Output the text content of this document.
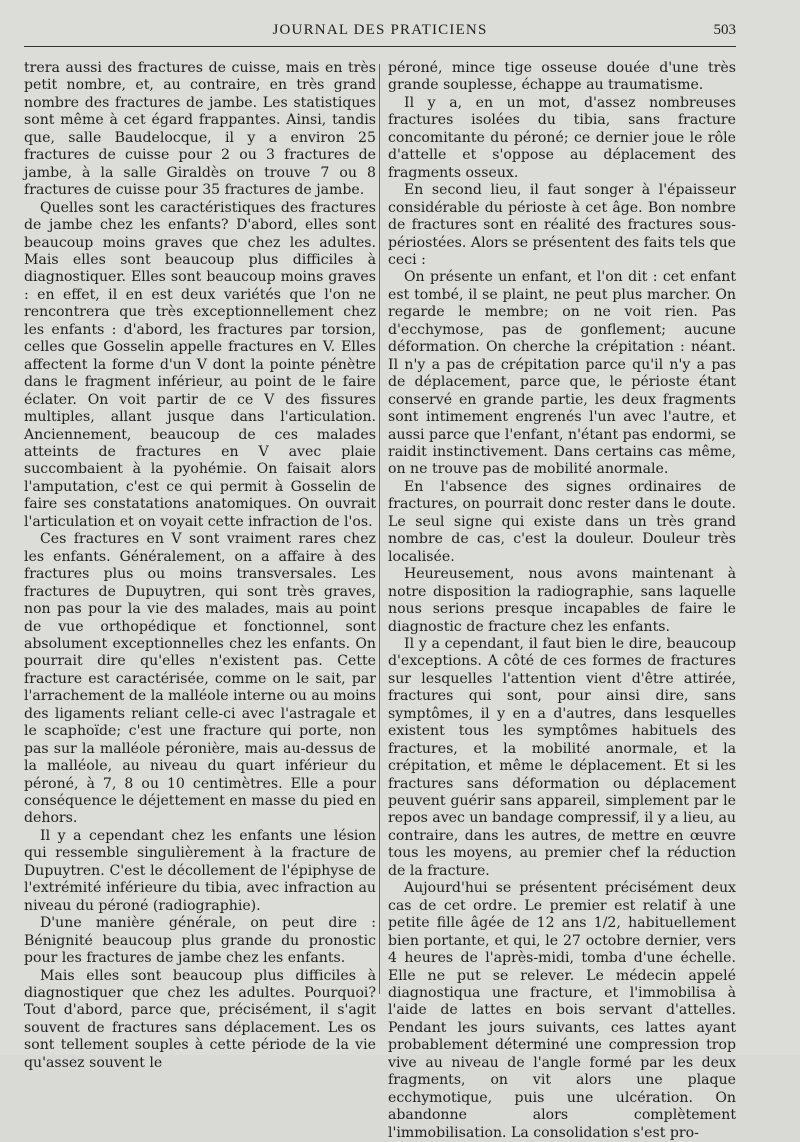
JOURNAL DES PRATICIENS	503

trera aussi des fractures de cuisse, mais en très petit nombre, et, au contraire, en très grand nombre des fractures de jambe. Les statistiques sont même à cet égard frappantes. Ainsi, tandis que, salle Baudelocque, il y a environ 25 fractures de cuisse pour 2 ou 3 fractures de jambe, à la salle Giraldès on trouve 7 ou 8 fractures de cuisse pour 35 fractures de jambe.

Quelles sont les caractéristiques des fractures de jambe chez les enfants? D'abord, elles sont beaucoup moins graves que chez les adultes. Mais elles sont beaucoup plus difficiles à diagnostiquer. Elles sont beaucoup moins graves : en effet, il en est deux variétés que l'on ne rencontrera que très exceptionnellement chez les enfants : d'abord, les fractures par torsion, celles que Gosselin appelle fractures en V. Elles affectent la forme d'un V dont la pointe pénètre dans le fragment inférieur, au point de le faire éclater. On voit partir de ce V des fissures multiples, allant jusque dans l'articulation. Anciennement, beaucoup de ces malades atteints de fractures en V avec plaie succombaient à la pyohémie. On faisait alors l'amputation, c'est ce qui permit à Gosselin de faire ses constatations anatomiques. On ouvrait l'articulation et on voyait cette infraction de l'os.

Ces fractures en V sont vraiment rares chez les enfants. Généralement, on a affaire à des fractures plus ou moins transversales. Les fractures de Dupuytren, qui sont très graves, non pas pour la vie des malades, mais au point de vue orthopédique et fonctionnel, sont absolument exceptionnelles chez les enfants. On pourrait dire qu'elles n'existent pas. Cette fracture est caractérisée, comme on le sait, par l'arrachement de la malléole interne ou au moins des ligaments reliant celle-ci avec l'astragale et le scaphoïde; c'est une fracture qui porte, non pas sur la malléole péronière, mais au-dessus de la malléole, au niveau du quart inférieur du péroné, à 7, 8 ou 10 centimètres. Elle a pour conséquence le déjettement en masse du pied en dehors.

Il y a cependant chez les enfants une lésion qui ressemble singulièrement à la fracture de Dupuytren. C'est le décollement de l'épiphyse de l'extrémité inférieure du tibia, avec infraction au niveau du péroné (radiographie).

D'une manière générale, on peut dire : Bénignité beaucoup plus grande du pronostic pour les fractures de jambe chez les enfants.

Mais elles sont beaucoup plus difficiles à diagnostiquer que chez les adultes. Pourquoi? Tout d'abord, parce que, précisément, il s'agit souvent de fractures sans déplacement. Les os sont tellement souples à cette période de la vie qu'assez souvent le

péroné, mince tige osseuse douée d'une très grande souplesse, échappe au traumatisme.

Il y a, en un mot, d'assez nombreuses fractures isolées du tibia, sans fracture concomitante du péroné; ce dernier joue le rôle d'attelle et s'oppose au déplacement des fragments osseux.

En second lieu, il faut songer à l'épaisseur considérable du périoste à cet âge. Bon nombre de fractures sont en réalité des fractures sous-périostées. Alors se présentent des faits tels que ceci :

On présente un enfant, et l'on dit : cet enfant est tombé, il se plaint, ne peut plus marcher. On regarde le membre; on ne voit rien. Pas d'ecchymose, pas de gonflement; aucune déformation. On cherche la crépitation : néant. Il n'y a pas de crépitation parce qu'il n'y a pas de déplacement, parce que, le périoste étant conservé en grande partie, les deux fragments sont intimement engrenés l'un avec l'autre, et aussi parce que l'enfant, n'étant pas endormi, se raidit instinctivement. Dans certains cas même, on ne trouve pas de mobilité anormale.

En l'absence des signes ordinaires de fractures, on pourrait donc rester dans le doute. Le seul signe qui existe dans un très grand nombre de cas, c'est la douleur. Douleur très localisée.

Heureusement, nous avons maintenant à notre disposition la radiographie, sans laquelle nous serions presque incapables de faire le diagnostic de fracture chez les enfants.

Il y a cependant, il faut bien le dire, beaucoup d'exceptions. A côté de ces formes de fractures sur lesquelles l'attention vient d'être attirée, fractures qui sont, pour ainsi dire, sans symptômes, il y en a d'autres, dans lesquelles existent tous les symptômes habituels des fractures, et la mobilité anormale, et la crépitation, et même le déplacement. Et si les fractures sans déformation ou déplacement peuvent guérir sans appareil, simplement par le repos avec un bandage compressif, il y a lieu, au contraire, dans les autres, de mettre en œuvre tous les moyens, au premier chef la réduction de la fracture.

Aujourd'hui se présentent précisément deux cas de cet ordre. Le premier est relatif à une petite fille âgée de 12 ans 1/2, habituellement bien portante, et qui, le 27 octobre dernier, vers 4 heures de l'après-midi, tomba d'une échelle. Elle ne put se relever. Le médecin appelé diagnostiqua une fracture, et l'immobilisa à l'aide de lattes en bois servant d'attelles. Pendant les jours suivants, ces lattes ayant probablement déterminé une compression trop vive au niveau de l'angle formé par les deux fragments, on vit alors une plaque ecchymotique, puis une ulcération. On abandonne alors complètement l'immobilisation. La consolidation s'est pro-
